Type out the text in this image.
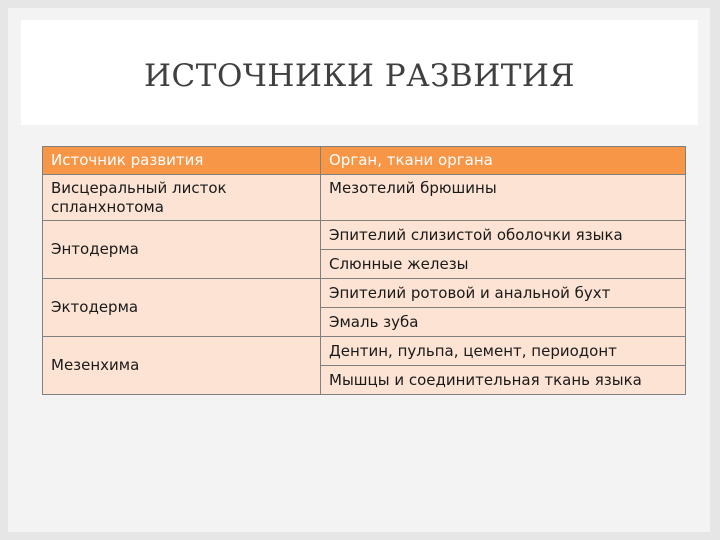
ИСТОЧНИКИ РАЗВИТИЯ
Источник развития	Орган, ткани органа
Висцеральный листок спланхнотома	Мезотелий брюшины
Энтодерма	Эпителий слизистой оболочки языка
	Слюнные железы
Эктодерма	Эпителий ротовой и анальной бухт
	Эмаль зуба
Мезенхима	Дентин, пульпа, цемент, периодонт
	Мышцы и соединительная ткань языка
